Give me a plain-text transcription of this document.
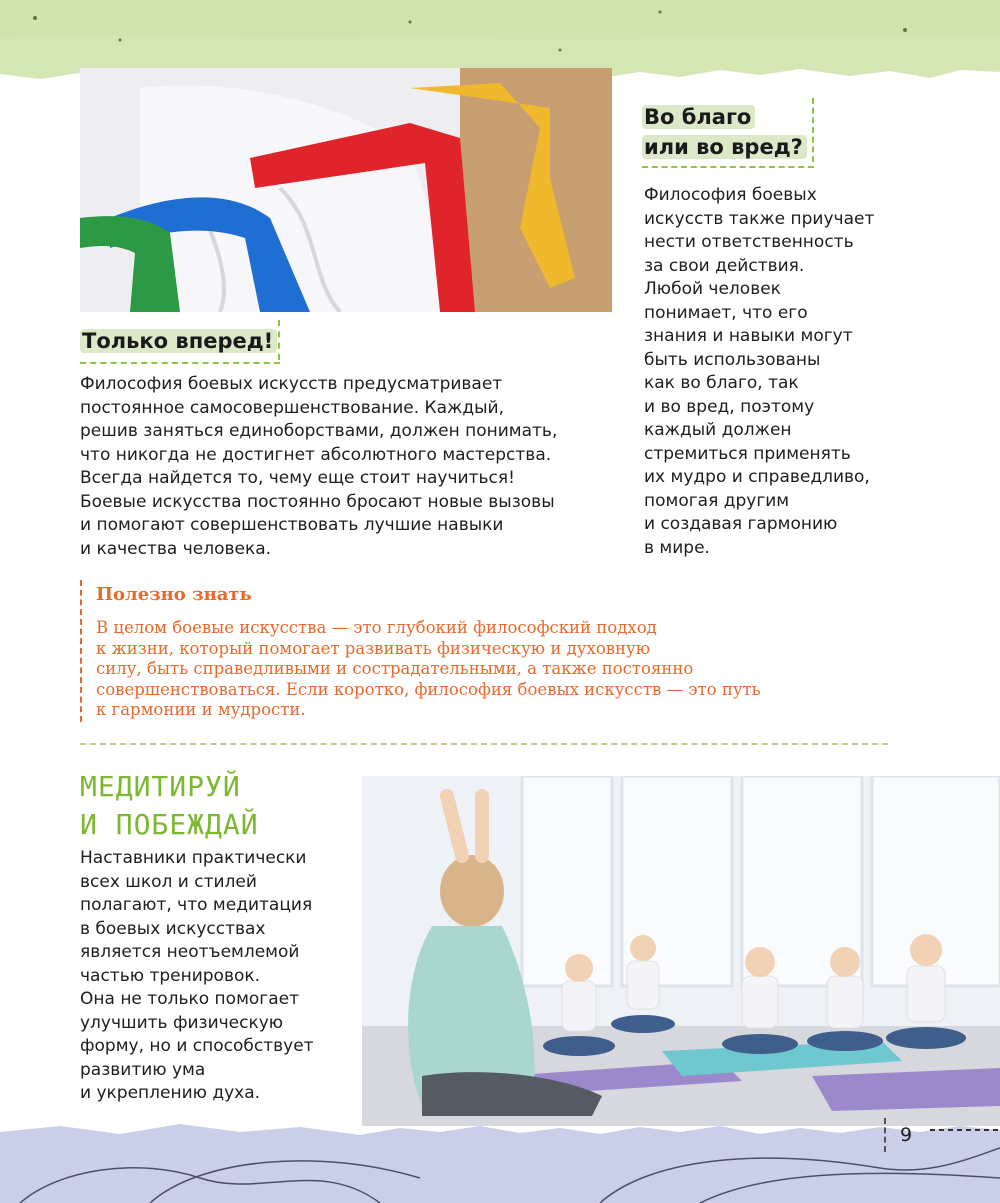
Только вперед!

Философия боевых искусств предусматривает
постоянное самосовершенствование. Каждый,
решив заняться единоборствами, должен понимать,
что никогда не достигнет абсолютного мастерства.
Всегда найдется то, чему еще стоит научиться!
Боевые искусства постоянно бросают новые вызовы
и помогают совершенствовать лучшие навыки
и качества человека.

Во благо
или во вред?

Философия боевых
искусств также приучает
нести ответственность
за свои действия.
Любой человек
понимает, что его
знания и навыки могут
быть использованы
как во благо, так
и во вред, поэтому
каждый должен
стремиться применять
их мудро и справедливо,
помогая другим
и создавая гармонию
в мире.

Полезно знать

В целом боевые искусства — это глубокий философский подход
к жизни, который помогает развивать физическую и духовную
силу, быть справедливыми и сострадательными, а также постоянно
совершенствоваться. Если коротко, философия боевых искусств — это путь
к гармонии и мудрости.

МЕДИТИРУЙ
И ПОБЕЖДАЙ

Наставники практически
всех школ и стилей
полагают, что медитация
в боевых искусствах
является неотъемлемой
частью тренировок.
Она не только помогает
улучшить физическую
форму, но и способствует
развитию ума
и укреплению духа.

9
